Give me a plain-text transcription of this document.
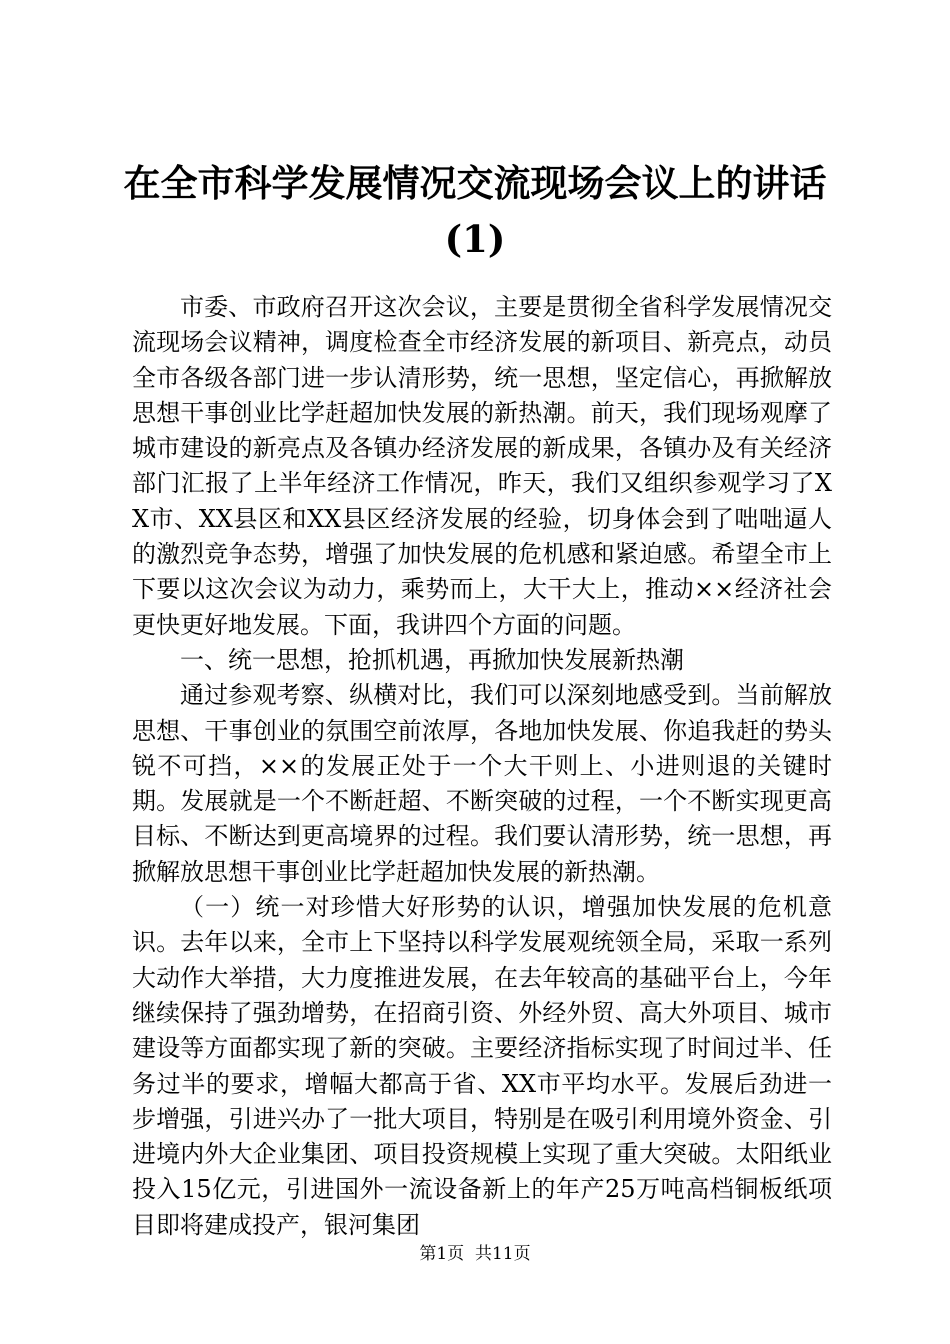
在全市科学发展情况交流现场会议上的讲话
(1)

市委、市政府召开这次会议，主要是贯彻全省科学发展情况交流现场会议精神，调度检查全市经济发展的新项目、新亮点，动员全市各级各部门进一步认清形势，统一思想，坚定信心，再掀解放思想干事创业比学赶超加快发展的新热潮。前天，我们现场观摩了城市建设的新亮点及各镇办经济发展的新成果，各镇办及有关经济部门汇报了上半年经济工作情况，昨天，我们又组织参观学习了XX市、XX县区和XX县区经济发展的经验，切身体会到了咄咄逼人的激烈竞争态势，增强了加快发展的危机感和紧迫感。希望全市上下要以这次会议为动力，乘势而上，大干大上，推动××经济社会更快更好地发展。下面，我讲四个方面的问题。

一、统一思想，抢抓机遇，再掀加快发展新热潮

通过参观考察、纵横对比，我们可以深刻地感受到。当前解放思想、干事创业的氛围空前浓厚，各地加快发展、你追我赶的势头锐不可挡，××的发展正处于一个大干则上、小进则退的关键时期。发展就是一个不断赶超、不断突破的过程，一个不断实现更高目标、不断达到更高境界的过程。我们要认清形势，统一思想，再掀解放思想干事创业比学赶超加快发展的新热潮。

（一）统一对珍惜大好形势的认识，增强加快发展的危机意识。去年以来，全市上下坚持以科学发展观统领全局，采取一系列大动作大举措，大力度推进发展，在去年较高的基础平台上，今年继续保持了强劲增势，在招商引资、外经外贸、高大外项目、城市建设等方面都实现了新的突破。主要经济指标实现了时间过半、任务过半的要求，增幅大都高于省、XX市平均水平。发展后劲进一步增强，引进兴办了一批大项目，特别是在吸引利用境外资金、引进境内外大企业集团、项目投资规模上实现了重大突破。太阳纸业投入15亿元，引进国外一流设备新上的年产25万吨高档铜板纸项目即将建成投产，银河集团

第1页  共11页
